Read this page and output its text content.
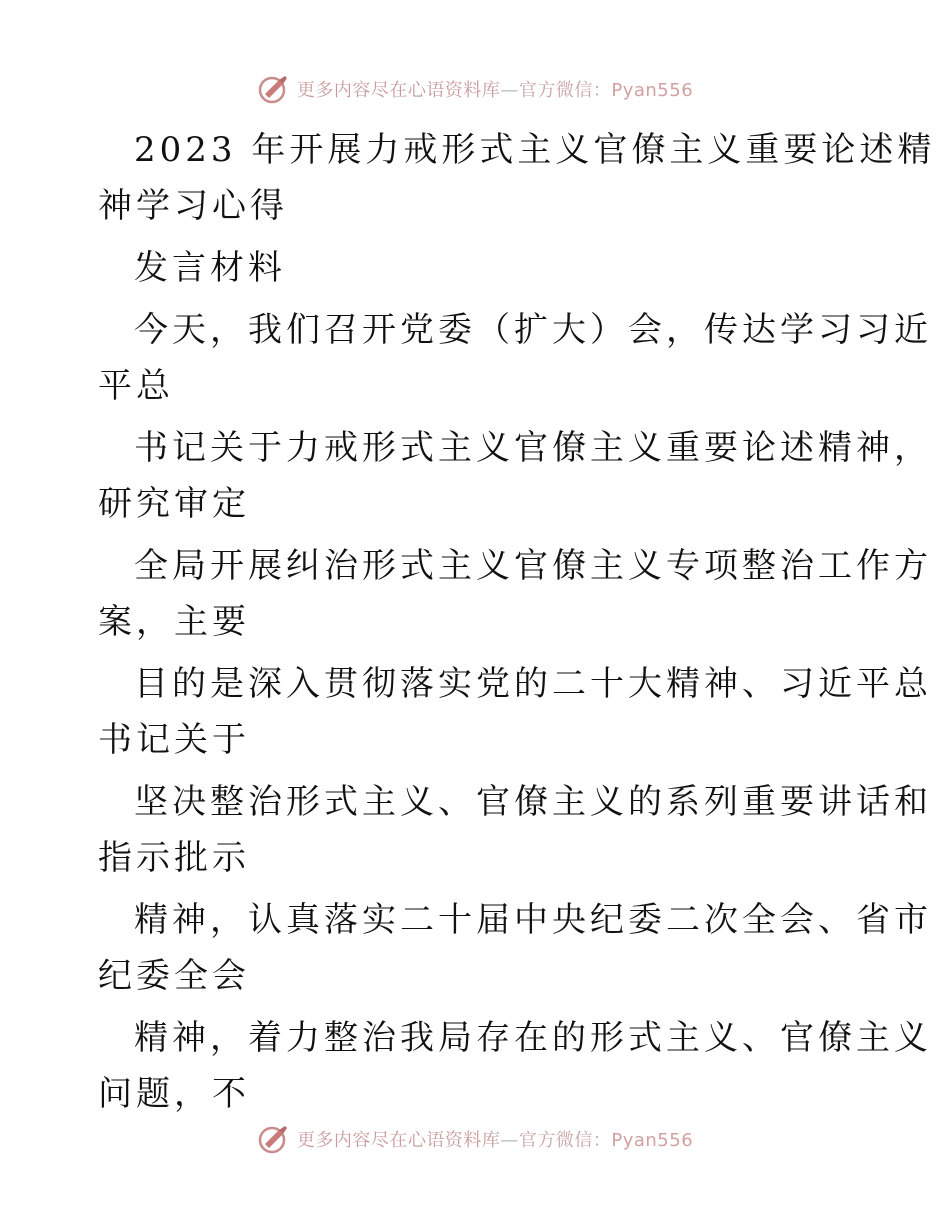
更多内容尽在心语资料库—官方微信：Pyan556
2023 年开展力戒形式主义官僚主义重要论述精
神学习心得
发言材料
今天，我们召开党委（扩大）会，传达学习习近
平总
书记关于力戒形式主义官僚主义重要论述精神，
研究审定
全局开展纠治形式主义官僚主义专项整治工作方
案，主要
目的是深入贯彻落实党的二十大精神、习近平总
书记关于
坚决整治形式主义、官僚主义的系列重要讲话和
指示批示
精神，认真落实二十届中央纪委二次全会、省市
纪委全会
精神，着力整治我局存在的形式主义、官僚主义
问题，不
更多内容尽在心语资料库—官方微信：Pyan556
